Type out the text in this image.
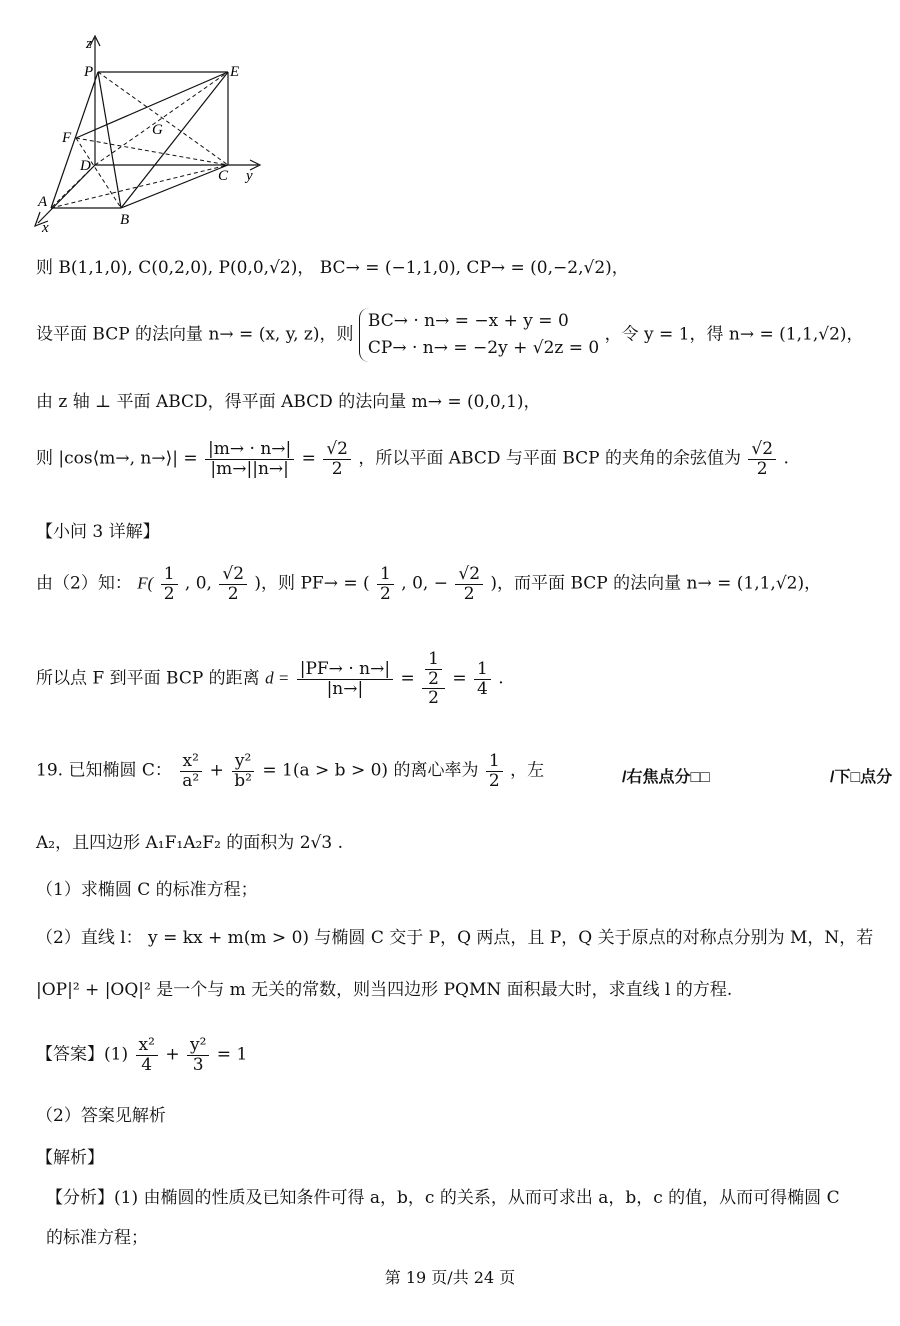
z
P	E
F	G
D
C y
A
B
x
则 B(1,1,0), C(0,2,0), P(0,0,√2)， BC→ = (−1,1,0), CP→ = (0,−2,√2)，
设平面 BCP 的法向量 n→ = (x, y, z)，则
BC→ · n→ = −x + y = 0
CP→ · n→ = −2y + √2z = 0
，令 y = 1，得 n→ = (1,1,√2)，
由 z 轴 ⊥ 平面 ABCD，得平面 ABCD 的法向量 m→ = (0,0,1)，
则 |cos⟨m→, n→⟩| = $\frac{|m\to \cdot n\to|}{|m\to||n\to|} = \frac{√2}{2}$ ，所以平面 ABCD 与平面 BCP 的夹角的余弦值为 $\frac{√2}{2}$ .
【小问 3 详解】
由（2）知： $F( \frac{1}{2}$ , 0, $\frac{√2}{2}$ )，则 PF→ = ( $\frac{1}{2}$ , 0, − $\frac{√2}{2}$ )，而平面 BCP 的法向量 n→ = (1,1,√2)，
所以点 F 到平面 BCP 的距离 $d = \frac{|PF\to \cdot n\to|}{|n\to|} = \frac{\frac{1}{2}}{2} = \frac{1}{4}$ .
19. 已知椭圆 C： $\frac{\text{x²}}{\text{a²}} + \frac{\text{y²}}{\text{b²}} = 1(a > b > 0)$ 的离心率为 $\frac{1}{2}$ ，左	/右焦点分□□	/下□点分
A₂，且四边形 A₁F₁A₂F₂ 的面积为 2√3 .
（1）求椭圆 C 的标准方程；
（2）直线 l： y = kx + m(m > 0) 与椭圆 C 交于 P，Q 两点，且 P，Q 关于原点的对称点分别为 M，N，若
|OP|² + |OQ|² 是一个与 m 无关的常数，则当四边形 PQMN 面积最大时，求直线 l 的方程.
【答案】$(1) \frac{\text{x²}}{4} + \frac{\text{y²}}{3} = 1$
（2）答案见解析
【解析】
【分析】(1) 由椭圆的性质及已知条件可得 a，b，c 的关系，从而可求出 a，b，c 的值，从而可得椭圆 C
的标准方程；
第 19 页/共 24 页
